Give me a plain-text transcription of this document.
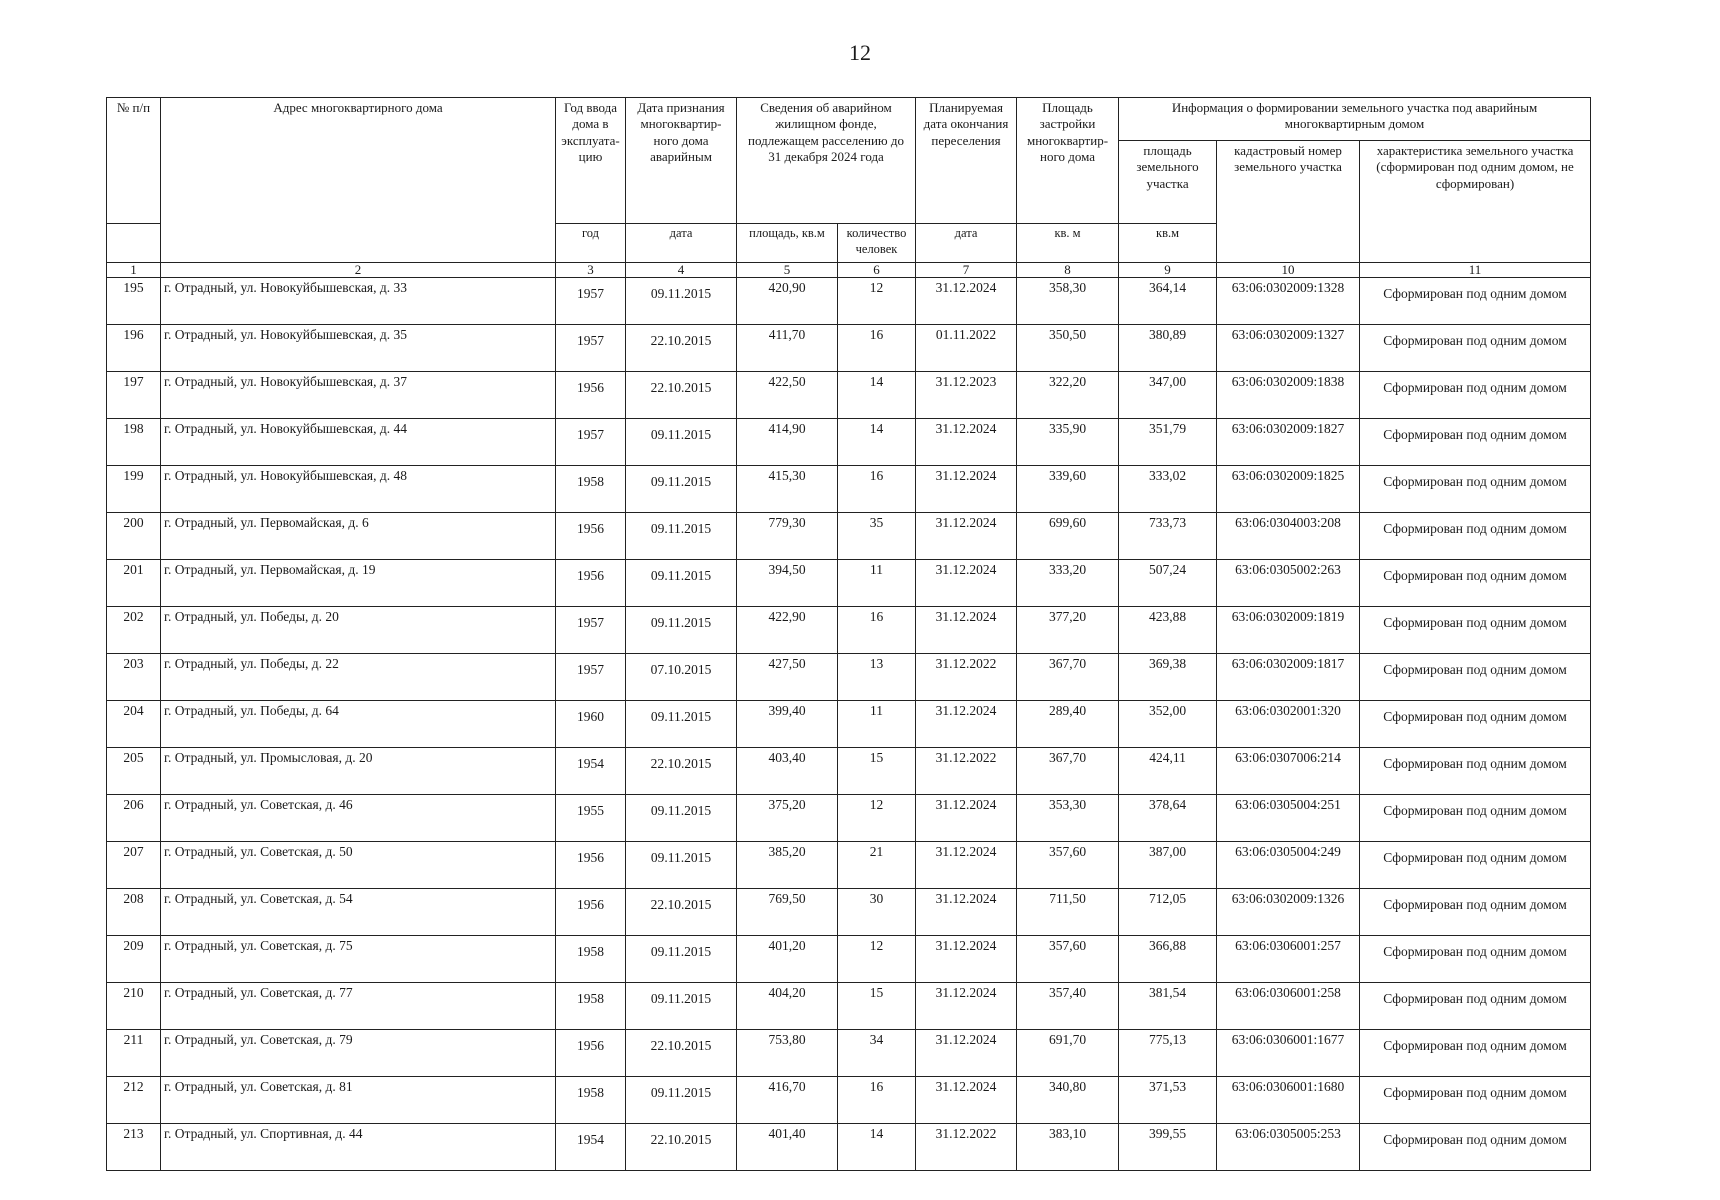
12
№ п/п	Адрес многоквартирного дома	Год ввода дома в эксплуата-цию	Дата признания многоквартир-ного дома аварийным	Сведения об аварийном жилищном фонде, подлежащем расселению до 31 декабря 2024 года		Планируемая дата окончания переселения	Площадь застройки многоквартир-ного дома	Информация о формировании земельного участка под аварийным многоквартирным домом		
								площадь земельного участка	кадастровый номер земельного участка	характеристика земельного участка (сформирован под одним домом, не сформирован)
		год	дата	площадь, кв.м	количество человек	дата	кв. м	кв.м		
1	2	3	4	5	6	7	8	9	10	11
195	г. Отрадный, ул. Новокуйбышевская, д. 33	1957	09.11.2015	420,90	12	31.12.2024	358,30	364,14	63:06:0302009:1328	Сформирован под одним домом
196	г. Отрадный, ул. Новокуйбышевская, д. 35	1957	22.10.2015	411,70	16	01.11.2022	350,50	380,89	63:06:0302009:1327	Сформирован под одним домом
197	г. Отрадный, ул. Новокуйбышевская, д. 37	1956	22.10.2015	422,50	14	31.12.2023	322,20	347,00	63:06:0302009:1838	Сформирован под одним домом
198	г. Отрадный, ул. Новокуйбышевская, д. 44	1957	09.11.2015	414,90	14	31.12.2024	335,90	351,79	63:06:0302009:1827	Сформирован под одним домом
199	г. Отрадный, ул. Новокуйбышевская, д. 48	1958	09.11.2015	415,30	16	31.12.2024	339,60	333,02	63:06:0302009:1825	Сформирован под одним домом
200	г. Отрадный, ул. Первомайская, д. 6	1956	09.11.2015	779,30	35	31.12.2024	699,60	733,73	63:06:0304003:208	Сформирован под одним домом
201	г. Отрадный, ул. Первомайская, д. 19	1956	09.11.2015	394,50	11	31.12.2024	333,20	507,24	63:06:0305002:263	Сформирован под одним домом
202	г. Отрадный, ул. Победы, д. 20	1957	09.11.2015	422,90	16	31.12.2024	377,20	423,88	63:06:0302009:1819	Сформирован под одним домом
203	г. Отрадный, ул. Победы, д. 22	1957	07.10.2015	427,50	13	31.12.2022	367,70	369,38	63:06:0302009:1817	Сформирован под одним домом
204	г. Отрадный, ул. Победы, д. 64	1960	09.11.2015	399,40	11	31.12.2024	289,40	352,00	63:06:0302001:320	Сформирован под одним домом
205	г. Отрадный, ул. Промысловая, д. 20	1954	22.10.2015	403,40	15	31.12.2022	367,70	424,11	63:06:0307006:214	Сформирован под одним домом
206	г. Отрадный, ул. Советская, д. 46	1955	09.11.2015	375,20	12	31.12.2024	353,30	378,64	63:06:0305004:251	Сформирован под одним домом
207	г. Отрадный, ул. Советская, д. 50	1956	09.11.2015	385,20	21	31.12.2024	357,60	387,00	63:06:0305004:249	Сформирован под одним домом
208	г. Отрадный, ул. Советская, д. 54	1956	22.10.2015	769,50	30	31.12.2024	711,50	712,05	63:06:0302009:1326	Сформирован под одним домом
209	г. Отрадный, ул. Советская, д. 75	1958	09.11.2015	401,20	12	31.12.2024	357,60	366,88	63:06:0306001:257	Сформирован под одним домом
210	г. Отрадный, ул. Советская, д. 77	1958	09.11.2015	404,20	15	31.12.2024	357,40	381,54	63:06:0306001:258	Сформирован под одним домом
211	г. Отрадный, ул. Советская, д. 79	1956	22.10.2015	753,80	34	31.12.2024	691,70	775,13	63:06:0306001:1677	Сформирован под одним домом
212	г. Отрадный, ул. Советская, д. 81	1958	09.11.2015	416,70	16	31.12.2024	340,80	371,53	63:06:0306001:1680	Сформирован под одним домом
213	г. Отрадный, ул. Спортивная, д. 44	1954	22.10.2015	401,40	14	31.12.2022	383,10	399,55	63:06:0305005:253	Сформирован под одним домом
